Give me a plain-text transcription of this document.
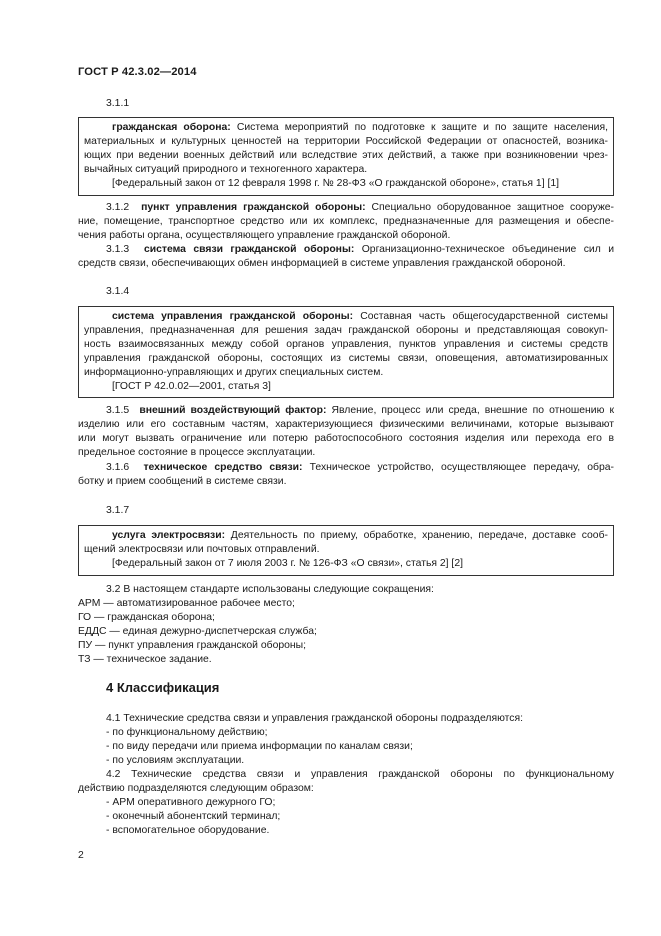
ГОСТ Р 42.3.02—2014
3.1.1

гражданская оборона: Система мероприятий по подготовке к защите и по защите населения,

материальных и культурных ценностей на территории Российской Федерации от опасностей, возника-
ющих при ведении военных действий или вследствие этих действий, а также при возникновении чрез-
вычайных ситуаций природного и техногенного характера.
[Федеральный закон от 12 февраля 1998 г. № 28-ФЗ «О гражданской обороне», статья 1] [1]
3.1.2 пункт управления гражданской обороны: Специально оборудованное защитное сооруже-
ние, помещение, транспортное средство или их комплекс, предназначенные для размещения и обеспе-
чения работы органа, осуществляющего управление гражданской обороной.
3.1.3 система связи гражданской обороны: Организационно-техническое объединение сил и
средств связи, обеспечивающих обмен информацией в системе управления гражданской обороной.
3.1.4
система управления гражданской обороны: Составная часть общегосударственной системы
управления, предназначенная для решения задач гражданской обороны и представляющая совокуп-
ность взаимосвязанных между собой органов управления, пунктов управления и системы средств
управления гражданской обороны, состоящих из системы связи, оповещения, автоматизированных
информационно-управляющих и других специальных систем.
[ГОСТ Р 42.0.02—2001, статья 3]
3.1.5 внешний воздействующий фактор: Явление, процесс или среда, внешние по отношению к
изделию или его составным частям, характеризующиеся физическими величинами, которые вызывают
или могут вызвать ограничение или потерю работоспособного состояния изделия или перехода его в
предельное состояние в процессе эксплуатации.
3.1.6 техническое средство связи: Техническое устройство, осуществляющее передачу, обра-
ботку и прием сообщений в системе связи.
3.1.7
услуга электросвязи: Деятельность по приему, обработке, хранению, передаче, доставке сооб-
щений электросвязи или почтовых отправлений.
[Федеральный закон от 7 июля 2003 г. № 126-ФЗ «О связи», статья 2] [2]
3.2 В настоящем стандарте использованы следующие сокращения:
АРМ — автоматизированное рабочее место;
ГО — гражданская оборона;
ЕДДС — единая дежурно-диспетчерская служба;
ПУ — пункт управления гражданской обороны;
ТЗ — техническое задание.
4 Классификация
4.1 Технические средства связи и управления гражданской обороны подразделяются:
- по функциональному действию;
- по виду передачи или приема информации по каналам связи;
- по условиям эксплуатации.
4.2 Технические средства связи и управления гражданской обороны по функциональному
действию подразделяются следующим образом:
- АРМ оперативного дежурного ГО;
- оконечный абонентский терминал;
- вспомогательное оборудование.
2
